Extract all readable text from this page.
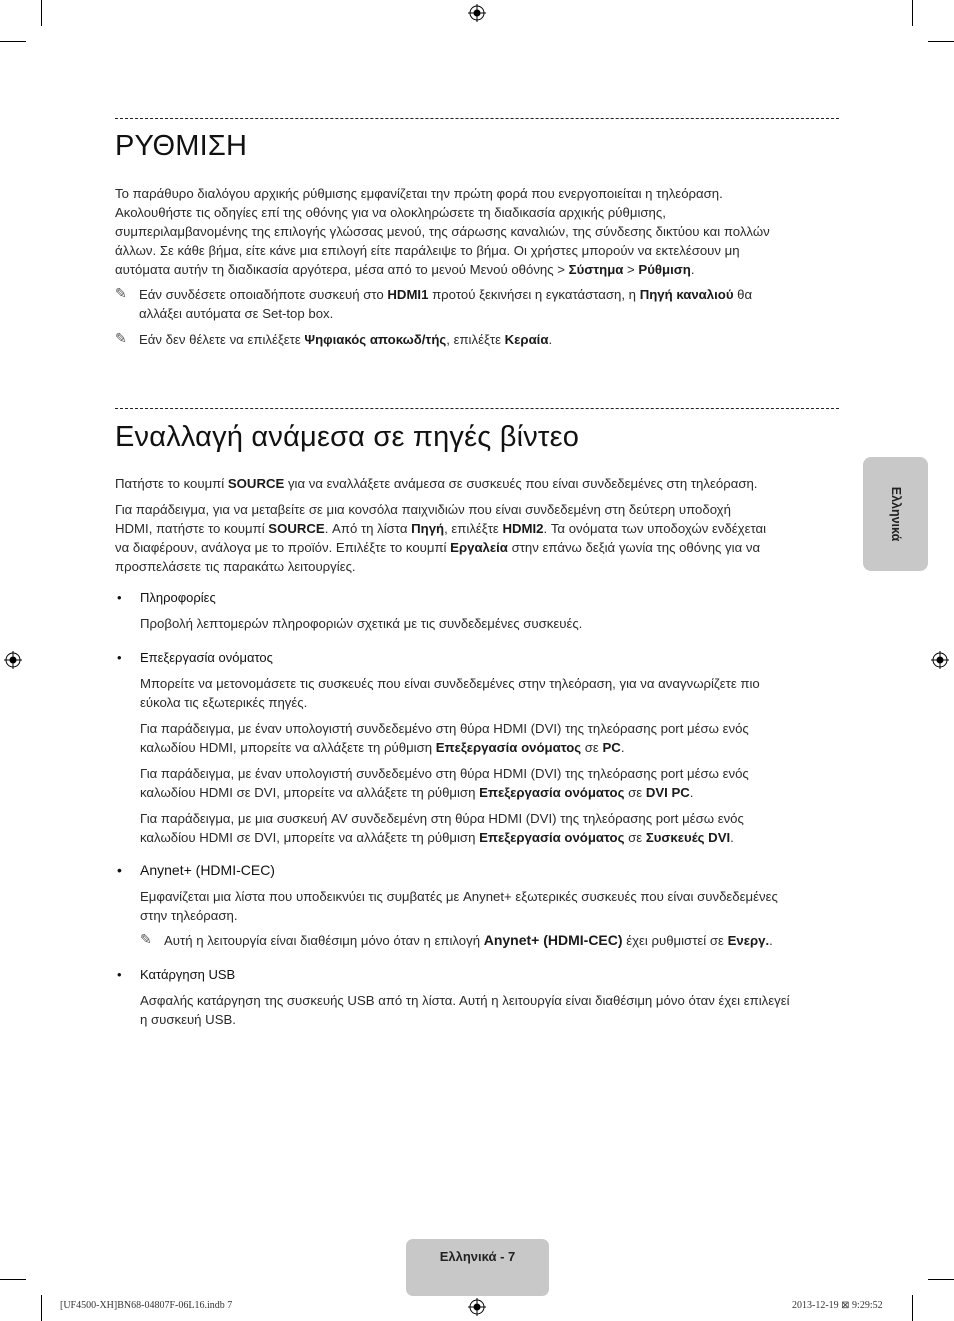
ΡΥΘΜΙΣΗ
Το παράθυρο διαλόγου αρχικής ρύθμισης εμφανίζεται την πρώτη φορά που ενεργοποιείται η τηλεόραση.
Ακολουθήστε τις οδηγίες επί της οθόνης για να ολοκληρώσετε τη διαδικασία αρχικής ρύθμισης,
συμπεριλαμβανομένης της επιλογής γλώσσας μενού, της σάρωσης καναλιών, της σύνδεσης δικτύου και πολλών
άλλων. Σε κάθε βήμα, είτε κάνε μια επιλογή είτε παράλειψε το βήμα. Οι χρήστες μπορούν να εκτελέσουν μη
αυτόματα αυτήν τη διαδικασία αργότερα, μέσα από το μενού Μενού οθόνης > Σύστημα > Ρύθμιση.
✎ Εάν συνδέσετε οποιαδήποτε συσκευή στο HDMI1 προτού ξεκινήσει η εγκατάσταση, η Πηγή καναλιού θα
αλλάξει αυτόματα σε Set-top box.
✎ Εάν δεν θέλετε να επιλέξετε Ψηφιακός αποκωδ/τής, επιλέξτε Κεραία.
Εναλλαγή ανάμεσα σε πηγές βίντεο
Πατήστε το κουμπί SOURCE για να εναλλάξετε ανάμεσα σε συσκευές που είναι συνδεδεμένες στη τηλεόραση.
Για παράδειγμα, για να μεταβείτε σε μια κονσόλα παιχνιδιών που είναι συνδεδεμένη στη δεύτερη υποδοχή
HDMI, πατήστε το κουμπί SOURCE. Από τη λίστα Πηγή, επιλέξτε HDMI2. Τα ονόματα των υποδοχών ενδέχεται
να διαφέρουν, ανάλογα με το προϊόν. Επιλέξτε το κουμπί Εργαλεία στην επάνω δεξιά γωνία της οθόνης για να
προσπελάσετε τις παρακάτω λειτουργίες.
• Πληροφορίες
Προβολή λεπτομερών πληροφοριών σχετικά με τις συνδεδεμένες συσκευές.
• Επεξεργασία ονόματος
Μπορείτε να μετονομάσετε τις συσκευές που είναι συνδεδεμένες στην τηλεόραση, για να αναγνωρίζετε πιο
εύκολα τις εξωτερικές πηγές.
Για παράδειγμα, με έναν υπολογιστή συνδεδεμένο στη θύρα HDMI (DVI) της τηλεόρασης port μέσω ενός
καλωδίου HDMI, μπορείτε να αλλάξετε τη ρύθμιση Επεξεργασία ονόματος σε PC.
Για παράδειγμα, με έναν υπολογιστή συνδεδεμένο στη θύρα HDMI (DVI) της τηλεόρασης port μέσω ενός
καλωδίου HDMI σε DVI, μπορείτε να αλλάξετε τη ρύθμιση Επεξεργασία ονόματος σε DVI PC.
Για παράδειγμα, με μια συσκευή AV συνδεδεμένη στη θύρα HDMI (DVI) της τηλεόρασης port μέσω ενός
καλωδίου HDMI σε DVI, μπορείτε να αλλάξετε τη ρύθμιση Επεξεργασία ονόματος σε Συσκευές DVI.
• Anynet+ (HDMI-CEC)
Εμφανίζεται μια λίστα που υποδεικνύει τις συμβατές με Anynet+ εξωτερικές συσκευές που είναι συνδεδεμένες
στην τηλεόραση.
✎ Αυτή η λειτουργία είναι διαθέσιμη μόνο όταν η επιλογή Anynet+ (HDMI-CEC) έχει ρυθμιστεί σε Ενεργ..
• Κατάργηση USB
Ασφαλής κατάργηση της συσκευής USB από τη λίστα. Αυτή η λειτουργία είναι διαθέσιμη μόνο όταν έχει επιλεγεί
η συσκευή USB.
Ελληνικά
Ελληνικά - 7
[UF4500-XH]BN68-04807F-06L16.indb 7	2013-12-19 ⊠ 9:29:52
